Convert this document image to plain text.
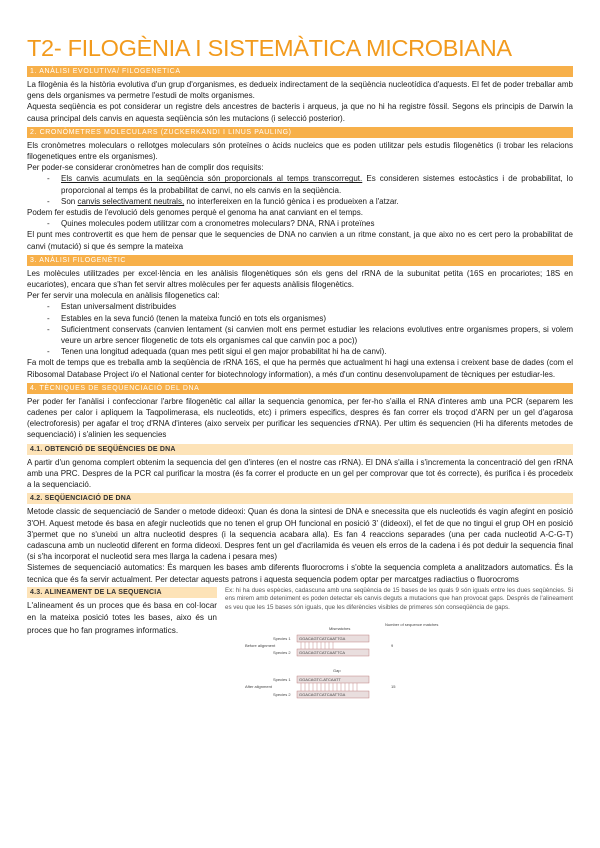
T2- FILOGÈNIA I SISTEMÀTICA MICROBIANA
1. ANÀLISI EVOLUTIVA/ FILOGENETICA

La filogènia és la història evolutiva d'un grup d'organismes, es dedueix indirectament de la seqüència nucleotídica d'aquests. El fet de poder treballar amb gens dels organismes va permetre l'estudi de molts organismes.

Aquesta seqüència es pot considerar un registre dels ancestres de bacteris i arqueus, ja que no hi ha registre fòssil. Segons els principis de Darwin la causa principal dels canvis en aquesta seqüència són les mutacions (i selecció posterior).

2. CRONÒMETRES MOLECULARS (ZUCKERKANDI I LINUS PAULING)

Els cronòmetres moleculars o rellotges moleculars són proteïnes o àcids nucleics que es poden utilitzar pels estudis filogenètics (i trobar les relacions filogenetiques entre els organismes).

Per poder-se considerar cronòmetres han de complir dos requisits:

- Els canvis acumulats en la seqüència són proporcionals al temps transcorregut. Es consideren sistemes estocàstics i de probabilitat, lo proporcional al temps és la probabilitat de canvi, no els canvis en la seqüència.
- Son canvis selectivament neutrals, no interfereixen en la funció gènica i es produeixen a l'atzar.

Podem fer estudis de l'evolució dels genomes perquè el genoma ha anat canviant en el temps.

- Quines molecules podem utilitzar com a cronometres moleculars? DNA, RNA i proteïnes

El punt mes controvertit es que hem de pensar que le sequencies de DNA no canvien a un ritme constant, ja que aixo no es cert pero la probabilitat de canvi (mutació) si que és sempre la mateixa

3. ANÀLISI FILOGENÈTIC

Les molècules utilitzades per excel·lència en les anàlisis filogenètiques són els gens del rRNA de la subunitat petita (16S en procariotes; 18S en eucariotes), encara que s'han fet servir altres molècules per fer aquests anàlisis filogenètics.

Per fer servir una molecula en anàlisis filogenetics cal:

- Estan universalment distribuides
- Estables en la seva funció (tenen la mateixa funció en tots els organismes)
- Suficientment conservats (canvien lentament (si canvien molt ens permet estudiar les relacions evolutives entre organismes propers, si volem veure un arbre sencer filogenetic de tots els organismes cal que canviin poc a poc))
- Tenen una longitud adequada (quan mes petit sigui el gen major probabilitat hi ha de canvi).

Fa molt de temps que es treballa amb la seqüència de rRNA 16S, el que ha permès que actualment hi hagi una extensa i creixent base de dades (com el Ribosomal Database Project i/o el National center for biotechnology information), a més d'un continu desenvolupament de tècniques per estudiar-les.

4. TÈCNIQUES DE SEQÜENCIACIÓ DEL DNA

Per poder fer l'anàlisi i confeccionar l'arbre filogenètic cal aillar la sequencia genomica, per fer-ho s'ailla el RNA d'interes amb una PCR (separem les cadenes per calor i apliquem la Taqpolimerasa, els nucleotids, etc) i primers especifics, despres és fan correr els troçod d'ARN per un gel d'agarosa (electroforesis) per agafar el troç d'RNA d'interes (aixo serveix per purificar les sequencies d'RNA). Per ultim és sequencien (Hi ha diferents metodes de sequenciació) i s'alinien les sequencies

4.1. OBTENCIÓ DE SEQÜÈNCIES DE DNA

A partir d'un genoma complert obtenim la sequencia del gen d'interes (en el nostre cas rRNA). El DNA s'ailla i s'incrementa la concentració del gen rRNA amb una PRC. Despres de la PCR cal purificar la mostra (és fa correr el producte en un gel per comprovar que tot és correcte), és purifica i és procedeix a la sequenciació.

4.2. SEQÜENCIACIÓ DE DNA

Metode classic de sequenciació de Sander o metode dideoxi: Quan és dona la sintesi de DNA e snecessita que els nucleotids és vagin afegint en posició 3'OH. Aquest metode és basa en afegir nucleotids que no tenen el grup OH funcional en posició 3' (dideoxi), el fet de que no tingui el grup OH en posició 3'permet que no s'uneixi un altra nucleotid despres (i la sequencia acabara alla). Es fan 4 reaccions separades (una per cada nucleotid A-C-G-T) cadascuna amb un nucleotid diferent en forma dideoxi. Despres fent un gel d'acrilamida és veuen els erros de la cadena i és pot deduir la sequencia final (si s'ha incorporat el nucleotid sera mes llarga la cadena i pesara mes)

Sistemes de sequenciació automatics: És marquen les bases amb diferents fluorocroms i s'obte la sequencia completa a analitzadors automatics. És la tecnica que és fa servir actualment. Per detectar aquests patrons i aquesta sequencia podem optar per marcatges radiactius o fluorocroms

4.3. ALINEAMENT DE LA SEQUENCIA

L'alineament és un proces que és basa en col·locar en la mateixa posició totes les bases, aixo és un proces que ho fan programes informatics.

Ex: hi ha dues espècies, cadascuna amb una seqüència de 15 bases de les quals 9 són iguals entre les dues seqüències. Si ens mirem amb deteniment es poden detectar els canvis deguts a mutacions que han provocat gaps. Després de l'alineament es veu que les 15 bases són iguals, que les diferències visibles de primeres són conseqüència de gaps.
Before alignment
Species 1
Species 2
GGACAGTCATCAATTGA
GGACAGTCATCAATTCA
Mismatches
Number of sequence matches
9
Gap
After alignment
Species 1
Species 2
GGACAGTC-ATCAATT
GGACAGTCATCAATTGA
15
